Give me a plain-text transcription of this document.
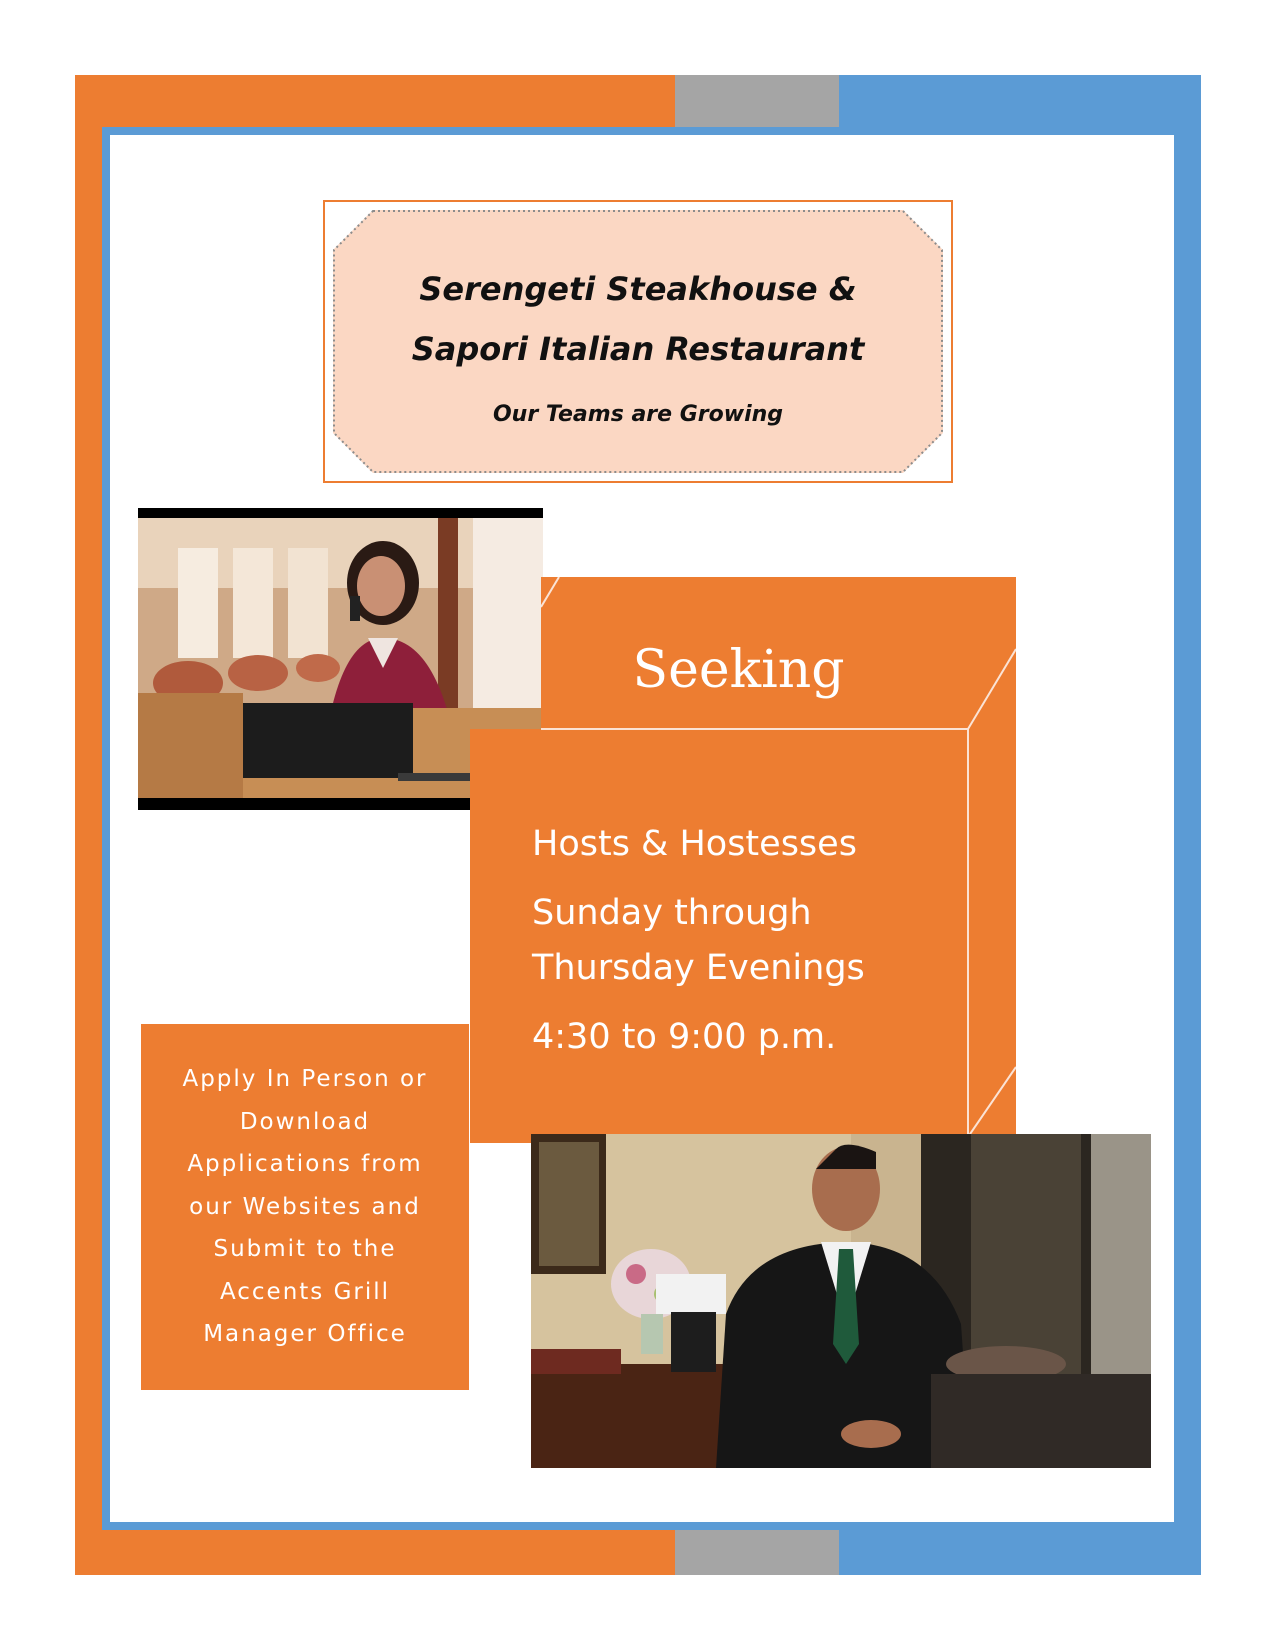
Serengeti Steakhouse &
Sapori Italian Restaurant
Our Teams are Growing
Seeking
Hosts & Hostesses
Sunday through
Thursday Evenings
4:30 to 9:00 p.m.
Apply In Person or
Download
Applications from
our Websites and
Submit to the
Accents Grill
Manager Office
